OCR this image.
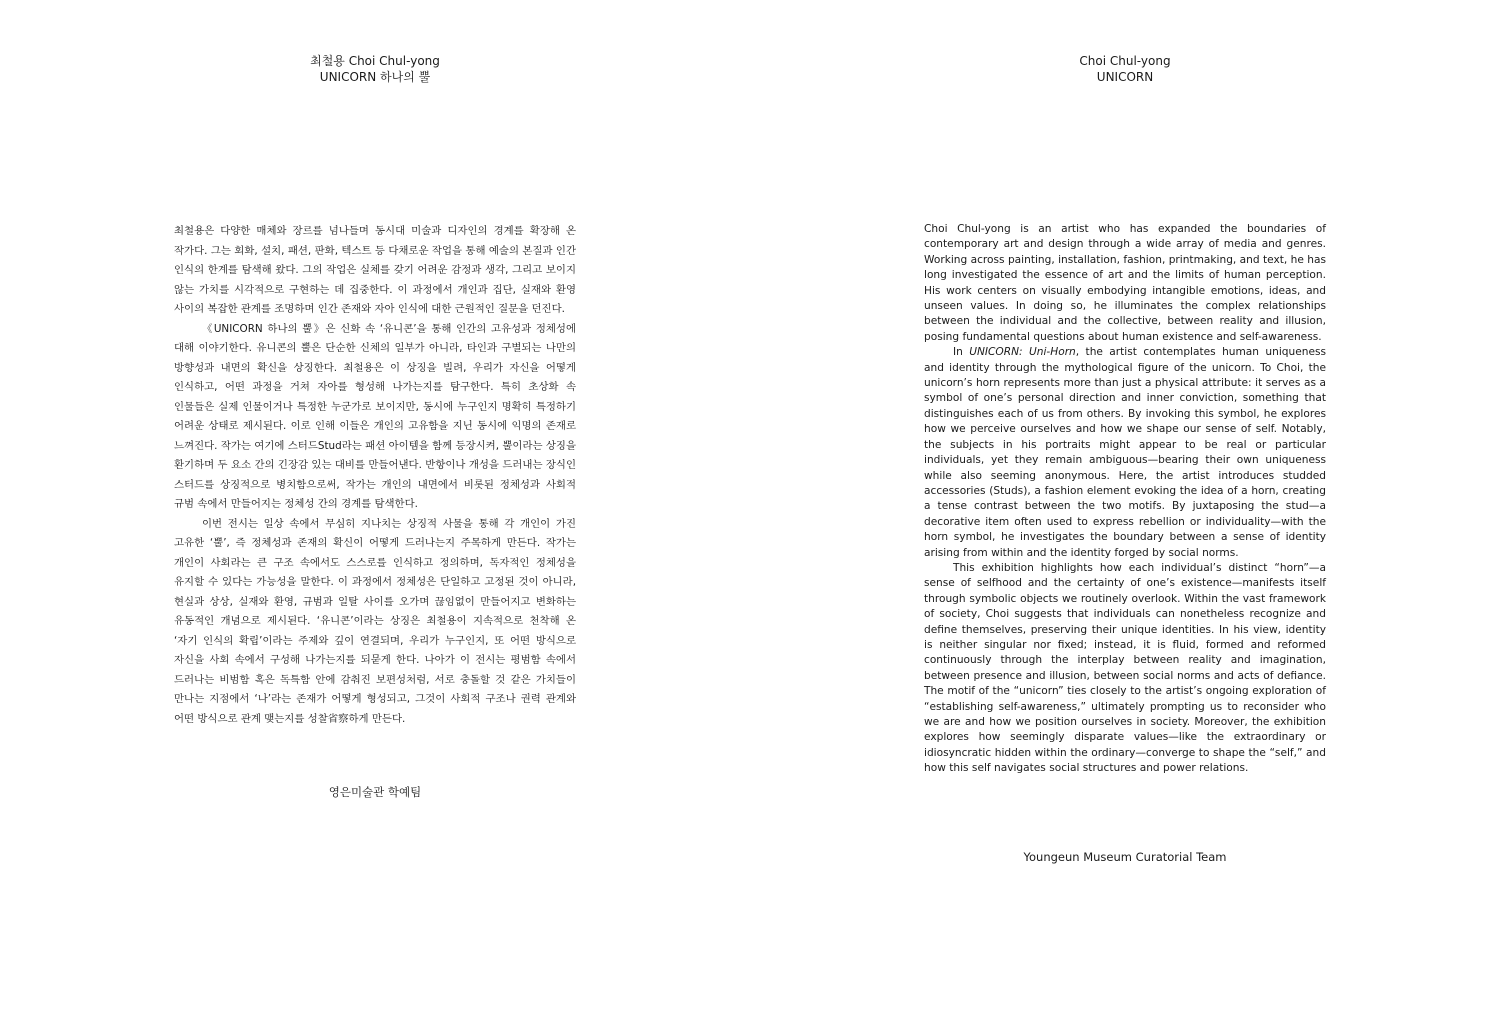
최철용 Choi Chul-yong
UNICORN 하나의 뿔

최철용은 다양한 매체와 장르를 넘나들며 동시대 미술과 디자인의 경계를 확장해 온 작가다. 그는 회화, 설치, 패션, 판화, 텍스트 등 다채로운 작업을 통해 예술의 본질과 인간 인식의 한계를 탐색해 왔다. 그의 작업은 실체를 갖기 어려운 감정과 생각, 그리고 보이지 않는 가치를 시각적으로 구현하는 데 집중한다. 이 과정에서 개인과 집단, 실재와 환영 사이의 복잡한 관계를 조명하며 인간 존재와 자아 인식에 대한 근원적인 질문을 던진다.

《UNICORN 하나의 뿔》은 신화 속 ‘유니콘’을 통해 인간의 고유성과 정체성에 대해 이야기한다. 유니콘의 뿔은 단순한 신체의 일부가 아니라, 타인과 구별되는 나만의 방향성과 내면의 확신을 상징한다. 최철용은 이 상징을 빌려, 우리가 자신을 어떻게 인식하고, 어떤 과정을 거쳐 자아를 형성해 나가는지를 탐구한다. 특히 초상화 속 인물들은 실제 인물이거나 특정한 누군가로 보이지만, 동시에 누구인지 명확히 특정하기 어려운 상태로 제시된다. 이로 인해 이들은 개인의 고유함을 지닌 동시에 익명의 존재로 느껴진다. 작가는 여기에 스터드Stud라는 패션 아이템을 함께 등장시켜, 뿔이라는 상징을 환기하며 두 요소 간의 긴장감 있는 대비를 만들어낸다. 반항이나 개성을 드러내는 장식인 스터드를 상징적으로 병치함으로써, 작가는 개인의 내면에서 비롯된 정체성과 사회적 규범 속에서 만들어지는 정체성 간의 경계를 탐색한다.

이번 전시는 일상 속에서 무심히 지나치는 상징적 사물을 통해 각 개인이 가진 고유한 ‘뿔’, 즉 정체성과 존재의 확신이 어떻게 드러나는지 주목하게 만든다. 작가는 개인이 사회라는 큰 구조 속에서도 스스로를 인식하고 정의하며, 독자적인 정체성을 유지할 수 있다는 가능성을 말한다. 이 과정에서 정체성은 단일하고 고정된 것이 아니라, 현실과 상상, 실재와 환영, 규범과 일탈 사이를 오가며 끊임없이 만들어지고 변화하는 유동적인 개념으로 제시된다. ‘유니콘’이라는 상징은 최철용이 지속적으로 천착해 온 ‘자기 인식의 확립’이라는 주제와 깊이 연결되며, 우리가 누구인지, 또 어떤 방식으로 자신을 사회 속에서 구성해 나가는지를 되묻게 한다. 나아가 이 전시는 평범함 속에서 드러나는 비범함 혹은 독특함 안에 감춰진 보편성처럼, 서로 충돌할 것 같은 가치들이 만나는 지점에서 ‘나’라는 존재가 어떻게 형성되고, 그것이 사회적 구조나 권력 관계와 어떤 방식으로 관계 맺는지를 성찰省察하게 만든다.

영은미술관 학예팀
Choi Chul-yong
UNICORN

Choi Chul-yong is an artist who has expanded the boundaries of contemporary art and design through a wide array of media and genres. Working across painting, installation, fashion, printmaking, and text, he has long investigated the essence of art and the limits of human perception. His work centers on visually embodying intangible emotions, ideas, and unseen values. In doing so, he illuminates the complex relationships between the individual and the collective, between reality and illusion, posing fundamental questions about human existence and self-awareness.

In UNICORN: Uni-Horn, the artist contemplates human uniqueness and identity through the mythological figure of the unicorn. To Choi, the unicorn’s horn represents more than just a physical attribute: it serves as a symbol of one’s personal direction and inner conviction, something that distinguishes each of us from others. By invoking this symbol, he explores how we perceive ourselves and how we shape our sense of self. Notably, the subjects in his portraits might appear to be real or particular individuals, yet they remain ambiguous—bearing their own uniqueness while also seeming anonymous. Here, the artist introduces studded accessories (Studs), a fashion element evoking the idea of a horn, creating a tense contrast between the two motifs. By juxtaposing the stud—a decorative item often used to express rebellion or individuality—with the horn symbol, he investigates the boundary between a sense of identity arising from within and the identity forged by social norms.

This exhibition highlights how each individual’s distinct “horn”—a sense of selfhood and the certainty of one’s existence—manifests itself through symbolic objects we routinely overlook. Within the vast framework of society, Choi suggests that individuals can nonetheless recognize and define themselves, preserving their unique identities. In his view, identity is neither singular nor fixed; instead, it is fluid, formed and reformed continuously through the interplay between reality and imagination, between presence and illusion, between social norms and acts of defiance. The motif of the “unicorn” ties closely to the artist’s ongoing exploration of “establishing self-awareness,” ultimately prompting us to reconsider who we are and how we position ourselves in society. Moreover, the exhibition explores how seemingly disparate values—like the extraordinary or idiosyncratic hidden within the ordinary—converge to shape the “self,” and how this self navigates social structures and power relations.

Youngeun Museum Curatorial Team
